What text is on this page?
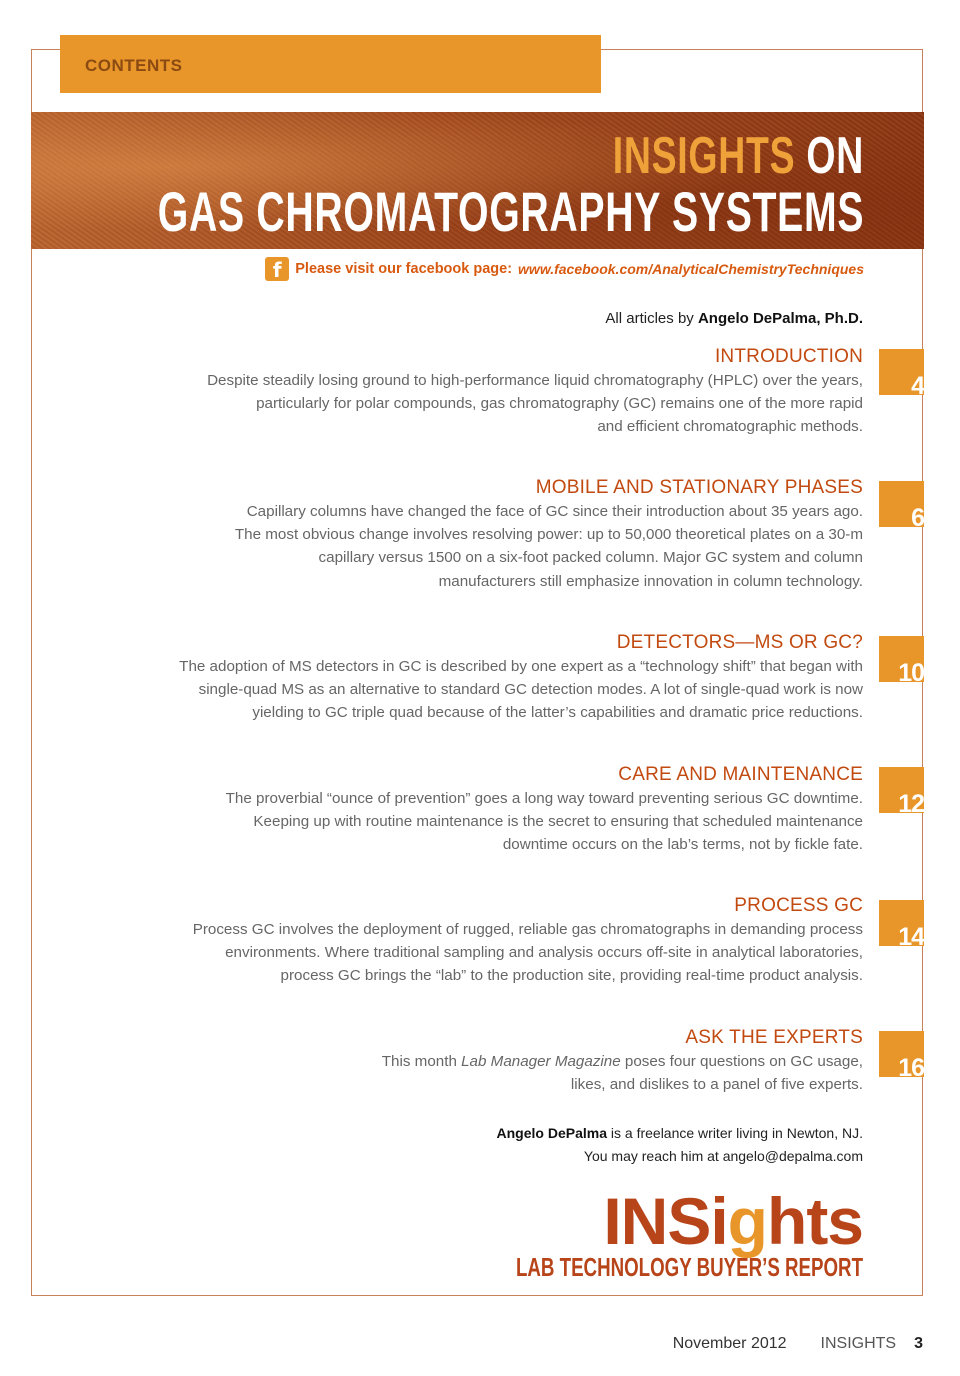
CONTENTS
INSIGHTS ON
GAS CHROMATOGRAPHY SYSTEMS
f Please visit our facebook page: www.facebook.com/AnalyticalChemistryTechniques
All articles by Angelo DePalma, Ph.D.
INTRODUCTION
Despite steadily losing ground to high-performance liquid chromatography (HPLC) over the years,
particularly for polar compounds, gas chromatography (GC) remains one of the more rapid
and efficient chromatographic methods.
4
MOBILE AND STATIONARY PHASES
Capillary columns have changed the face of GC since their introduction about 35 years ago.
The most obvious change involves resolving power: up to 50,000 theoretical plates on a 30-m
capillary versus 1500 on a six-foot packed column. Major GC system and column
manufacturers still emphasize innovation in column technology.
6
DETECTORS—MS OR GC?
The adoption of MS detectors in GC is described by one expert as a “technology shift” that began with
single-quad MS as an alternative to standard GC detection modes. A lot of single-quad work is now
yielding to GC triple quad because of the latter’s capabilities and dramatic price reductions.
10
CARE AND MAINTENANCE
The proverbial “ounce of prevention” goes a long way toward preventing serious GC downtime.
Keeping up with routine maintenance is the secret to ensuring that scheduled maintenance
downtime occurs on the lab’s terms, not by fickle fate.
12
PROCESS GC
Process GC involves the deployment of rugged, reliable gas chromatographs in demanding process
environments. Where traditional sampling and analysis occurs off-site in analytical laboratories,
process GC brings the “lab” to the production site, providing real-time product analysis.
14
ASK THE EXPERTS
This month Lab Manager Magazine poses four questions on GC usage,
likes, and dislikes to a panel of five experts.
16
Angelo DePalma is a freelance writer living in Newton, NJ.
You may reach him at angelo@depalma.com
INSights
LAB TECHNOLOGY BUYER’S REPORT
November 2012 INSIGHTS 3
